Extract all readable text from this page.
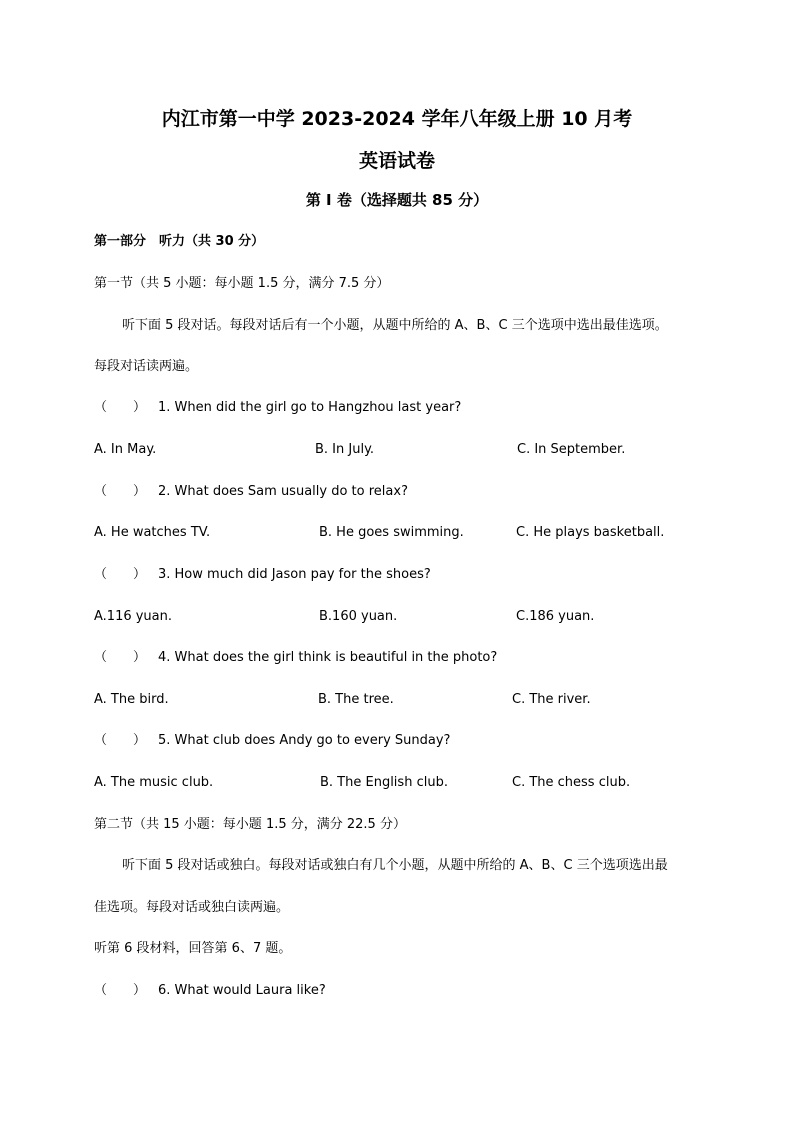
内江市第一中学 2023-2024 学年八年级上册 10 月考
英语试卷
第 I 卷（选择题共 85 分）
第一部分　听力（共 30 分）
第一节（共 5 小题：每小题 1.5 分，满分 7.5 分）
听下面 5 段对话。每段对话后有一个小题，从题中所给的 A、B、C 三个选项中选出最佳选项。
每段对话读两遍。
（　　） 1. When did the girl go to Hangzhou last year?
A. In May.	B. In July.	C. In September.
（　　） 2. What does Sam usually do to relax?
A. He watches TV.	B. He goes swimming.	C. He plays basketball.
（　　） 3. How much did Jason pay for the shoes?
A.116 yuan.	B.160 yuan.	C.186 yuan.
（　　） 4. What does the girl think is beautiful in the photo?
A. The bird.	B. The tree.	C. The river.
（　　） 5. What club does Andy go to every Sunday?
A. The music club.	B. The English club.	C. The chess club.
第二节（共 15 小题：每小题 1.5 分，满分 22.5 分）
听下面 5 段对话或独白。每段对话或独白有几个小题，从题中所给的 A、B、C 三个选项选出最
佳选项。每段对话或独白读两遍。
听第 6 段材料，回答第 6、7 题。
（　　） 6. What would Laura like?
